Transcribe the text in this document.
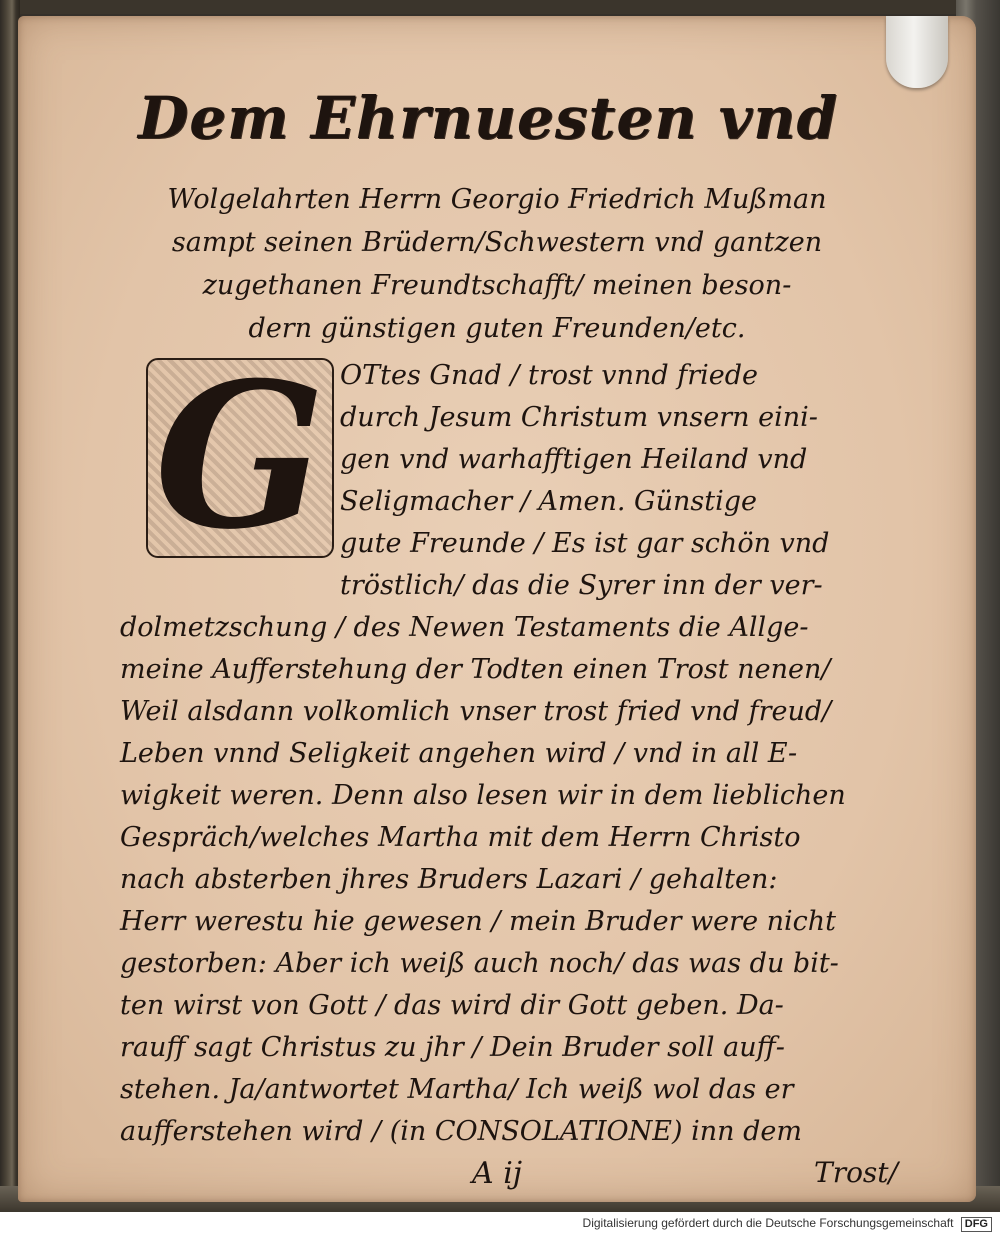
Dem Ehrnuesten vnd
Wolgelahrten Herrn Georgio Friedrich Mußman
sampt seinen Brüdern/Schwestern vnd gantzen
zugethanen Freundtschafft/ meinen beson-
dern günstigen guten Freunden/etc.
G OTtes Gnad / trost vnnd friede
durch Jesum Christum vnsern eini-
gen vnd warhafftigen Heiland vnd
Seligmacher / Amen. Günstige
gute Freunde / Es ist gar schön vnd
tröstlich/ das die Syrer inn der ver-
dolmetzschung / des Newen Testaments die Allge-
meine Aufferstehung der Todten einen Trost nenen/
Weil alsdann volkomlich vnser trost fried vnd freud/
Leben vnnd Seligkeit angehen wird / vnd in all E-
wigkeit weren. Denn also lesen wir in dem lieblichen
Gespräch/welches Martha mit dem Herrn Christo
nach absterben jhres Bruders Lazari / gehalten:
Herr werestu hie gewesen / mein Bruder were nicht
gestorben: Aber ich weiß auch noch/ das was du bit-
ten wirst von Gott / das wird dir Gott geben. Da-
rauff sagt Christus zu jhr / Dein Bruder soll auff-
stehen. Ja/antwortet Martha/ Ich weiß wol das er
aufferstehen wird / (in CONSOLATIONE) inn dem
A ij	Trost/
Digitalisierung gefördert durch die Deutsche Forschungsgemeinschaft DFG
